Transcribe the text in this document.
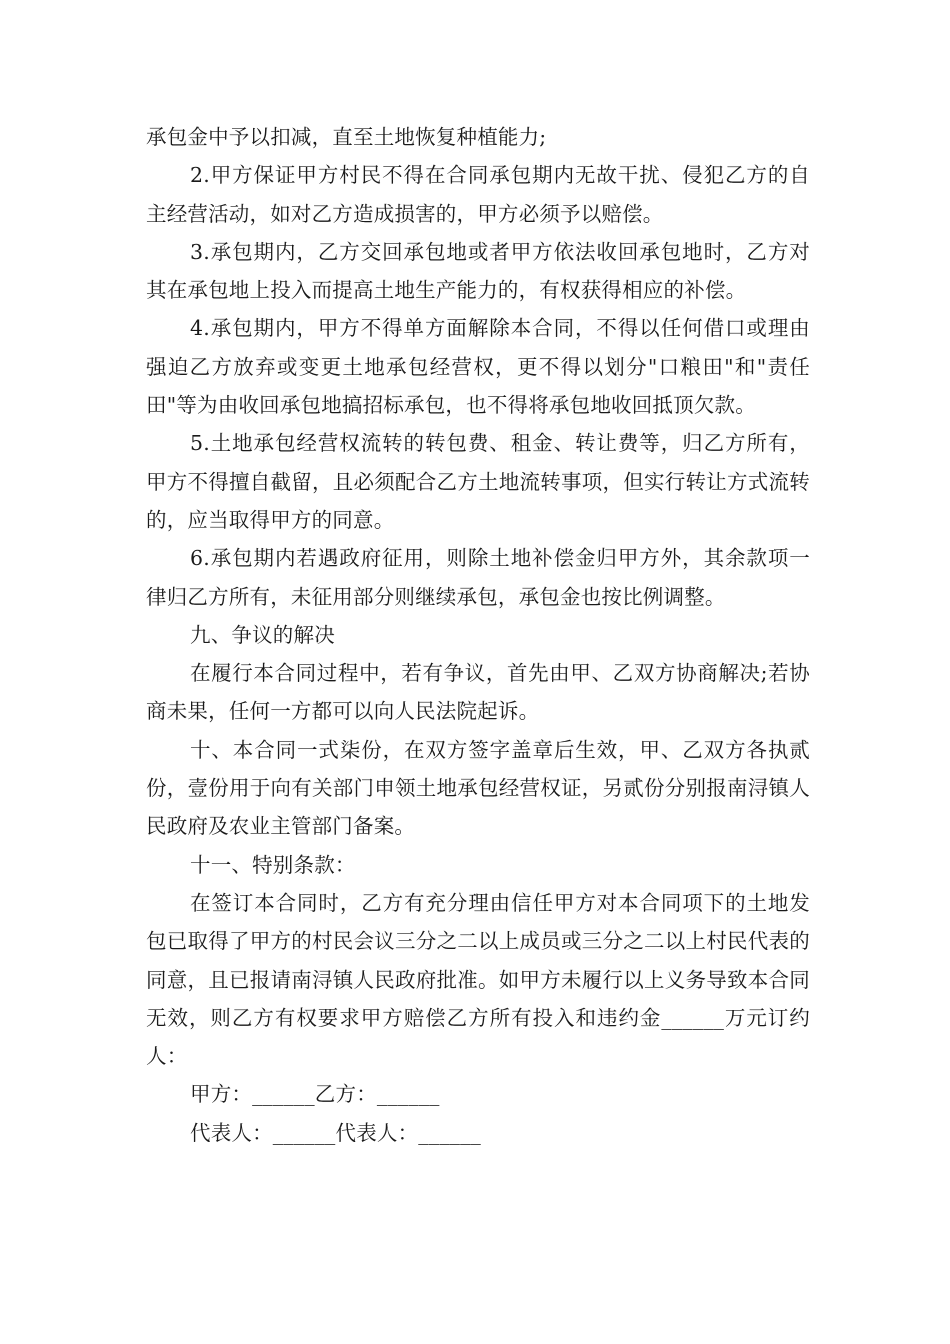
承包金中予以扣减，直至土地恢复种植能力;

2.甲方保证甲方村民不得在合同承包期内无故干扰、侵犯乙方的自主经营活动，如对乙方造成损害的，甲方必须予以赔偿。

3.承包期内，乙方交回承包地或者甲方依法收回承包地时，乙方对其在承包地上投入而提高土地生产能力的，有权获得相应的补偿。

4.承包期内，甲方不得单方面解除本合同，不得以任何借口或理由强迫乙方放弃或变更土地承包经营权，更不得以划分"口粮田"和"责任田"等为由收回承包地搞招标承包，也不得将承包地收回抵顶欠款。

5.土地承包经营权流转的转包费、租金、转让费等，归乙方所有，甲方不得擅自截留，且必须配合乙方土地流转事项，但实行转让方式流转的，应当取得甲方的同意。

6.承包期内若遇政府征用，则除土地补偿金归甲方外，其余款项一律归乙方所有，未征用部分则继续承包，承包金也按比例调整。

九、争议的解决

在履行本合同过程中，若有争议，首先由甲、乙双方协商解决;若协商未果，任何一方都可以向人民法院起诉。

十、本合同一式柒份，在双方签字盖章后生效，甲、乙双方各执贰份，壹份用于向有关部门申领土地承包经营权证，另贰份分别报南浔镇人民政府及农业主管部门备案。

十一、特别条款：

在签订本合同时，乙方有充分理由信任甲方对本合同项下的土地发包已取得了甲方的村民会议三分之二以上成员或三分之二以上村民代表的同意，且已报请南浔镇人民政府批准。如甲方未履行以上义务导致本合同无效，则乙方有权要求甲方赔偿乙方所有投入和违约金______万元订约人：

甲方：______乙方：______

代表人：______代表人：______
